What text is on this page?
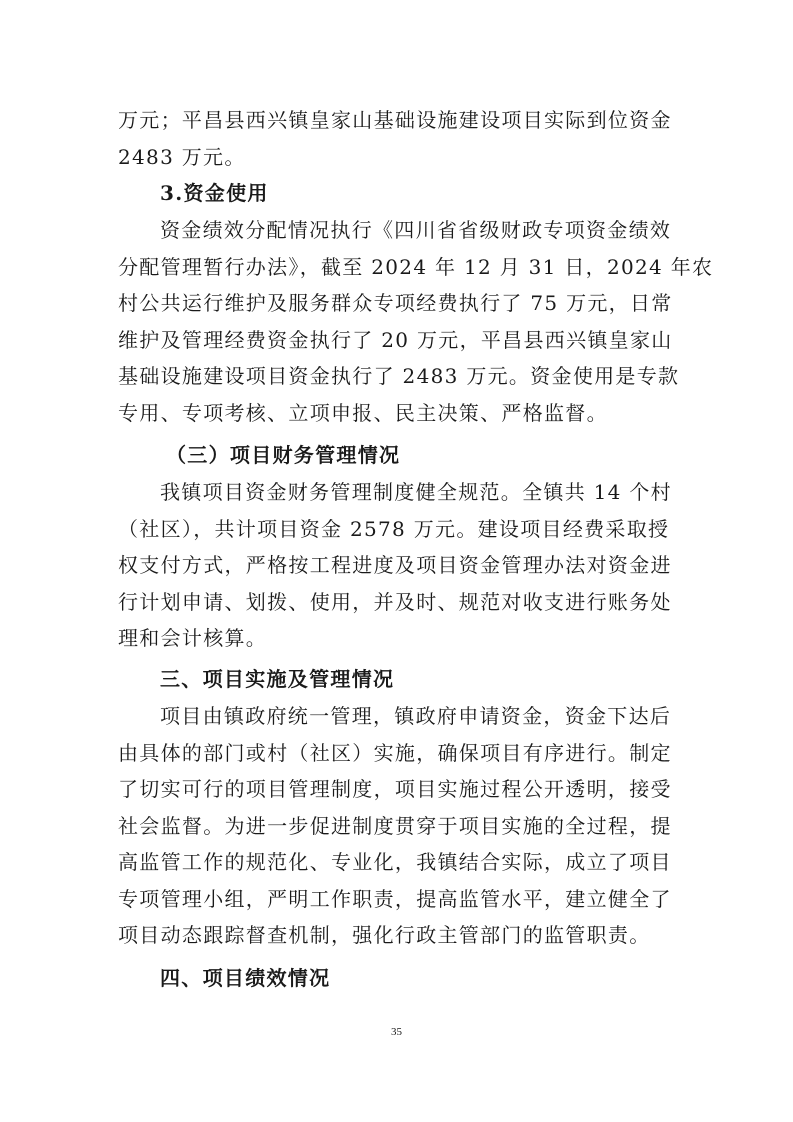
万元；平昌县西兴镇皇家山基础设施建设项目实际到位资金
2483 万元。
3.资金使用
资金绩效分配情况执行《四川省省级财政专项资金绩效
分配管理暂行办法》，截至 2024 年 12 月 31 日，2024 年农
村公共运行维护及服务群众专项经费执行了 75 万元，日常
维护及管理经费资金执行了 20 万元，平昌县西兴镇皇家山
基础设施建设项目资金执行了 2483 万元。资金使用是专款
专用、专项考核、立项申报、民主决策、严格监督。
（三）项目财务管理情况
我镇项目资金财务管理制度健全规范。全镇共 14 个村
（社区），共计项目资金 2578 万元。建设项目经费采取授
权支付方式，严格按工程进度及项目资金管理办法对资金进
行计划申请、划拨、使用，并及时、规范对收支进行账务处
理和会计核算。
三、项目实施及管理情况
项目由镇政府统一管理，镇政府申请资金，资金下达后
由具体的部门或村（社区）实施，确保项目有序进行。制定
了切实可行的项目管理制度，项目实施过程公开透明，接受
社会监督。为进一步促进制度贯穿于项目实施的全过程，提
高监管工作的规范化、专业化，我镇结合实际，成立了项目
专项管理小组，严明工作职责，提高监管水平，建立健全了
项目动态跟踪督查机制，强化行政主管部门的监管职责。
四、项目绩效情况
35
